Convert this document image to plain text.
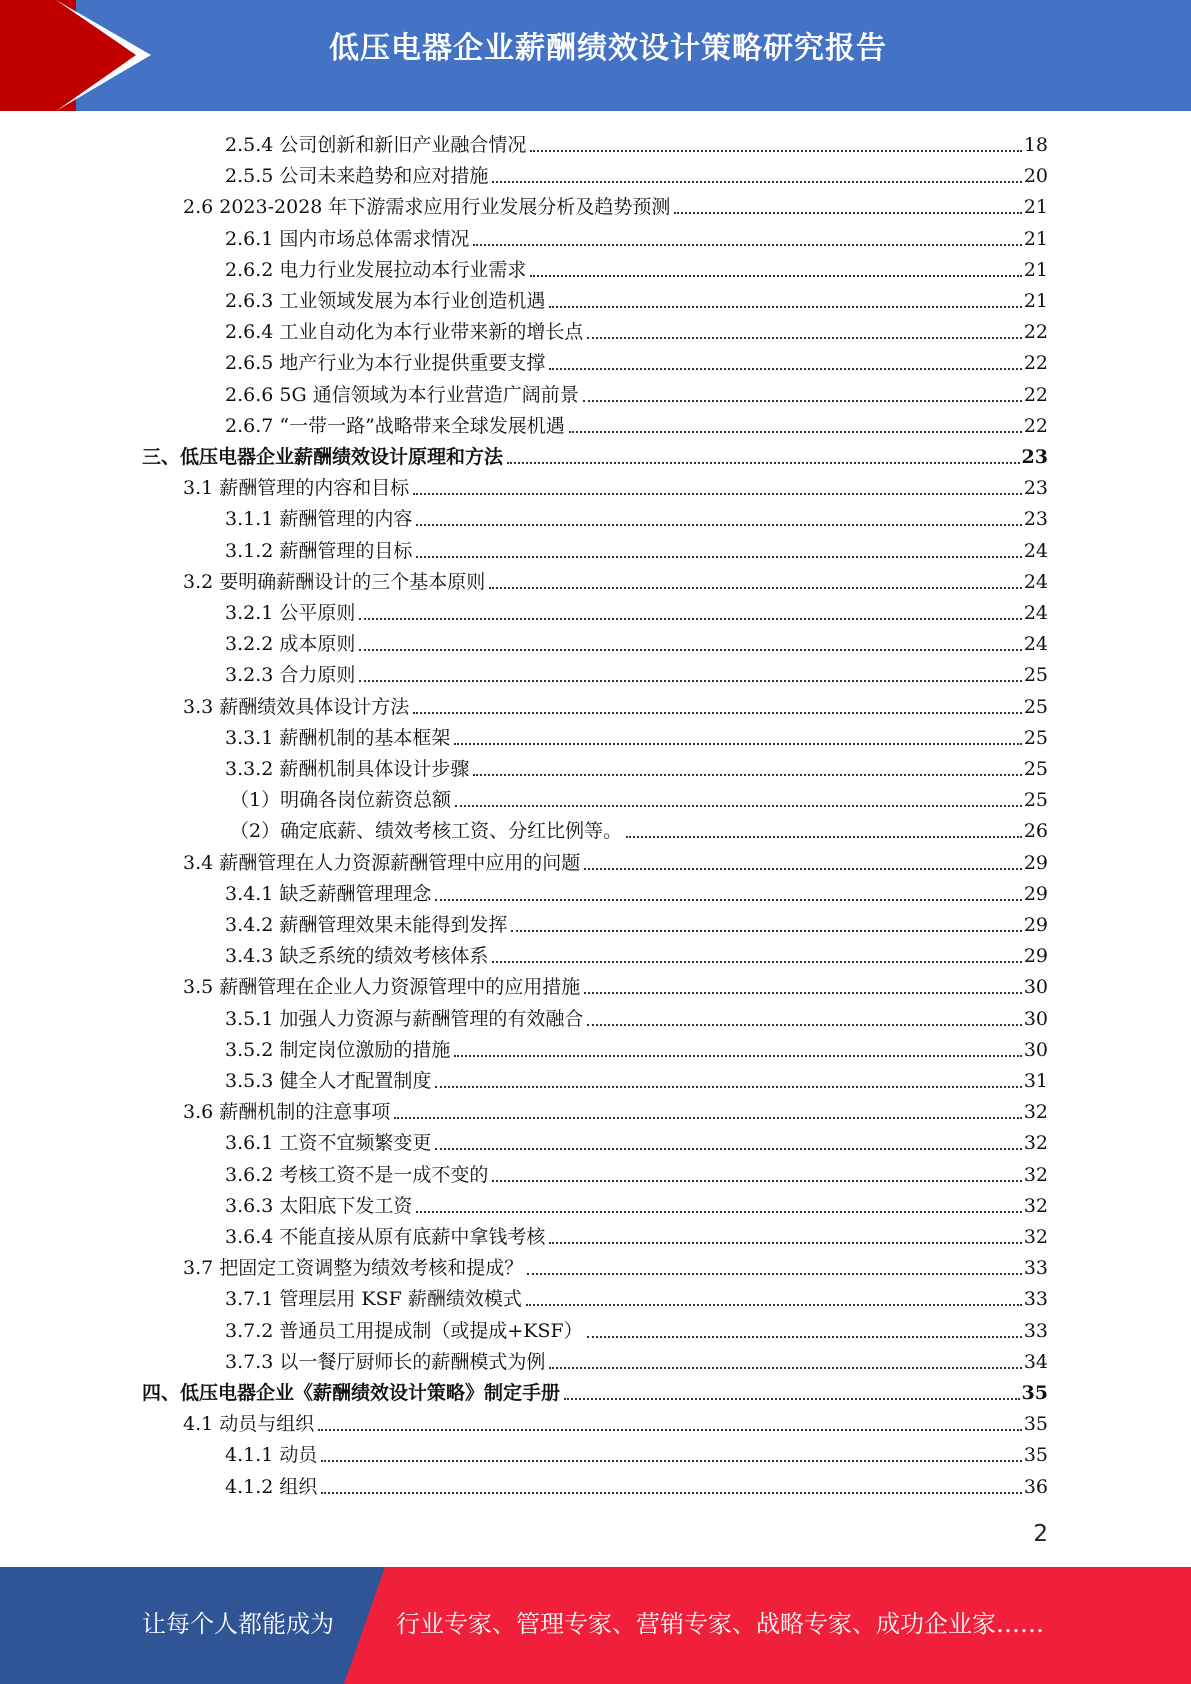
低压电器企业薪酬绩效设计策略研究报告
2.5.4 公司创新和新旧产业融合情况	18
2.5.5 公司未来趋势和应对措施	20
2.6 2023-2028 年下游需求应用行业发展分析及趋势预测	21
2.6.1 国内市场总体需求情况	21
2.6.2 电力行业发展拉动本行业需求	21
2.6.3 工业领域发展为本行业创造机遇	21
2.6.4 工业自动化为本行业带来新的增长点	22
2.6.5 地产行业为本行业提供重要支撑	22
2.6.6 5G 通信领域为本行业营造广阔前景	22
2.6.7 “一带一路”战略带来全球发展机遇	22
三、低压电器企业薪酬绩效设计原理和方法	23
3.1 薪酬管理的内容和目标	23
3.1.1 薪酬管理的内容	23
3.1.2 薪酬管理的目标	24
3.2 要明确薪酬设计的三个基本原则	24
3.2.1 公平原则	24
3.2.2 成本原则	24
3.2.3 合力原则	25
3.3 薪酬绩效具体设计方法	25
3.3.1 薪酬机制的基本框架	25
3.3.2 薪酬机制具体设计步骤	25
（1）明确各岗位薪资总额	25
（2）确定底薪、绩效考核工资、分红比例等。	26
3.4 薪酬管理在人力资源薪酬管理中应用的问题	29
3.4.1 缺乏薪酬管理理念	29
3.4.2 薪酬管理效果未能得到发挥	29
3.4.3 缺乏系统的绩效考核体系	29
3.5 薪酬管理在企业人力资源管理中的应用措施	30
3.5.1 加强人力资源与薪酬管理的有效融合	30
3.5.2 制定岗位激励的措施	30
3.5.3 健全人才配置制度	31
3.6 薪酬机制的注意事项	32
3.6.1 工资不宜频繁变更	32
3.6.2 考核工资不是一成不变的	32
3.6.3 太阳底下发工资	32
3.6.4 不能直接从原有底薪中拿钱考核	32
3.7 把固定工资调整为绩效考核和提成？	33
3.7.1 管理层用 KSF 薪酬绩效模式	33
3.7.2 普通员工用提成制（或提成+KSF）	33
3.7.3 以一餐厅厨师长的薪酬模式为例	34
四、低压电器企业《薪酬绩效设计策略》制定手册	35
4.1 动员与组织	35
4.1.1 动员	35
4.1.2 组织	36
2
让每个人都能成为	行业专家、管理专家、营销专家、战略专家、成功企业家……
